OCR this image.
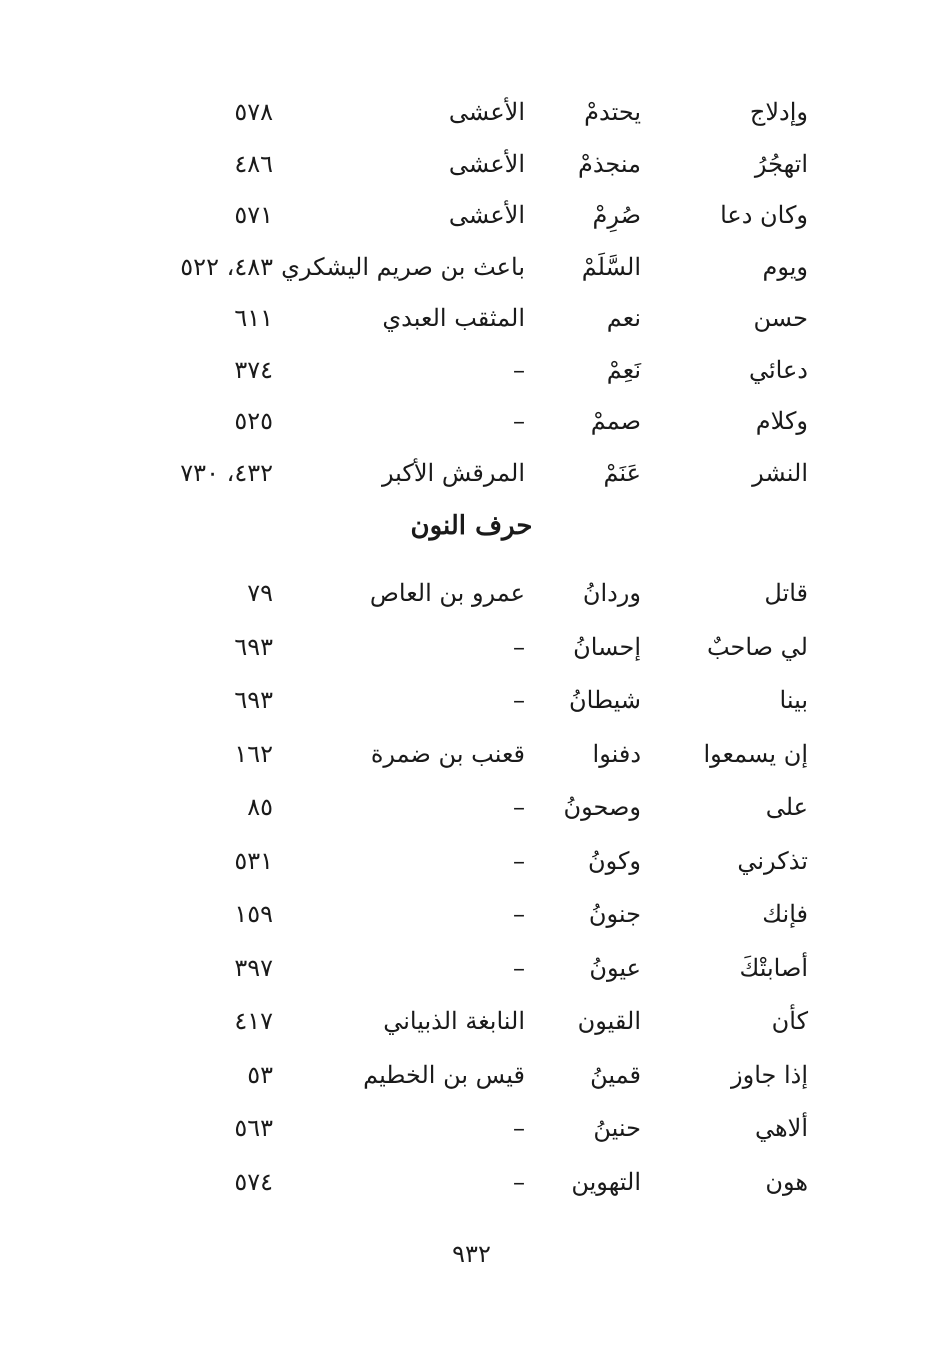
وإدلاج
يحتدمْ
الأعشى
٥٧٨
اتهجُرُ
منجذمْ
الأعشى
٤٨٦
وكان دعا
صُرِمْ
الأعشى
٥٧١
ويوم
السَّلَمْ
باعث بن صريم اليشكري
٤٨٣، ٥٢٢
حسن
نعم
المثقب العبدي
٦١١
دعائي
نَعِمْ
–
٣٧٤
وكلام
صممْ
–
٥٢٥
النشر
عَنَمْ
المرقش الأكبر
٤٣٢، ٧٣٠
حرف النون
قاتل
وردانُ
عمرو بن العاص
٧٩
لي صاحبٌ
إحسانُ
–
٦٩٣
بينا
شيطانُ
–
٦٩٣
إن يسمعوا
دفنوا
قعنب بن ضمرة
١٦٢
على
وصحونُ
–
٨٥
تذكرني
وكونُ
–
٥٣١
فإنك
جنونُ
–
١٥٩
أصابتْكَ
عيونُ
–
٣٩٧
كأن
القيون
النابغة الذبياني
٤١٧
إذا جاوز
قمينُ
قيس بن الخطيم
٥٣
ألاهي
حنينُ
–
٥٦٣
هون
التهوين
–
٥٧٤
٩٣٢
